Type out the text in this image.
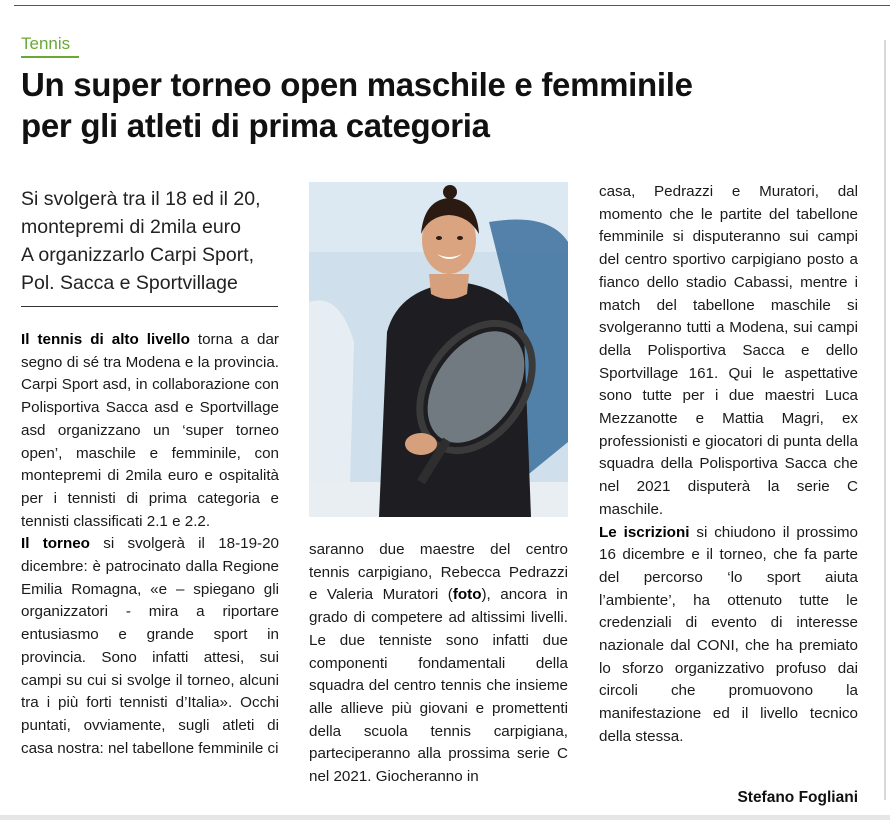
Tennis

Un super torneo open maschile e femminile
per gli atleti di prima categoria

Si svolgerà tra il 18 ed il 20,
montepremi di 2mila euro
A organizzarlo Carpi Sport,
Pol. Sacca e Sportvillage

Il tennis di alto livello torna a dar segno di sé tra Modena e la provincia. Carpi Sport asd, in collaborazione con Polisportiva Sacca asd e Sportvillage asd organizzano un ‘super torneo open’, maschile e femminile, con montepremi di 2mila euro e ospitalità per i tennisti di prima categoria e tennisti classificati 2.1 e 2.2.

Il torneo si svolgerà il 18-19-20 dicembre: è patrocinato dalla Regione Emilia Romagna, «e – spiegano gli organizzatori - mira a riportare entusiasmo e grande sport in provincia. Sono infatti attesi, sui campi su cui si svolge il torneo, alcuni tra i più forti tennisti d’Italia». Occhi puntati, ovviamente, sugli atleti di casa nostra: nel tabellone femminile ci

saranno due maestre del centro tennis carpigiano, Rebecca Pedrazzi e Valeria Muratori (foto), ancora in grado di competere ad altissimi livelli. Le due tenniste sono infatti due componenti fondamentali della squadra del centro tennis che insieme alle allieve più giovani e promettenti della scuola tennis carpigiana, parteciperanno alla prossima serie C nel 2021. Giocheranno in

casa, Pedrazzi e Muratori, dal momento che le partite del tabellone femminile si disputeranno sui campi del centro sportivo carpigiano posto a fianco dello stadio Cabassi, mentre i match del tabellone maschile si svolgeranno tutti a Modena, sui campi della Polisportiva Sacca e dello Sportvillage 161. Qui le aspettative sono tutte per i due maestri Luca Mezzanotte e Mattia Magri, ex professionisti e giocatori di punta della squadra della Polisportiva Sacca che nel 2021 disputerà la serie C maschile.

Le iscrizioni si chiudono il prossimo 16 dicembre e il torneo, che fa parte del percorso ‘lo sport aiuta l’ambiente’, ha ottenuto tutte le credenziali di evento di interesse nazionale dal CONI, che ha premiato lo sforzo organizzativo profuso dai circoli che promuovono la manifestazione ed il livello tecnico della stessa.

Stefano Fogliani
